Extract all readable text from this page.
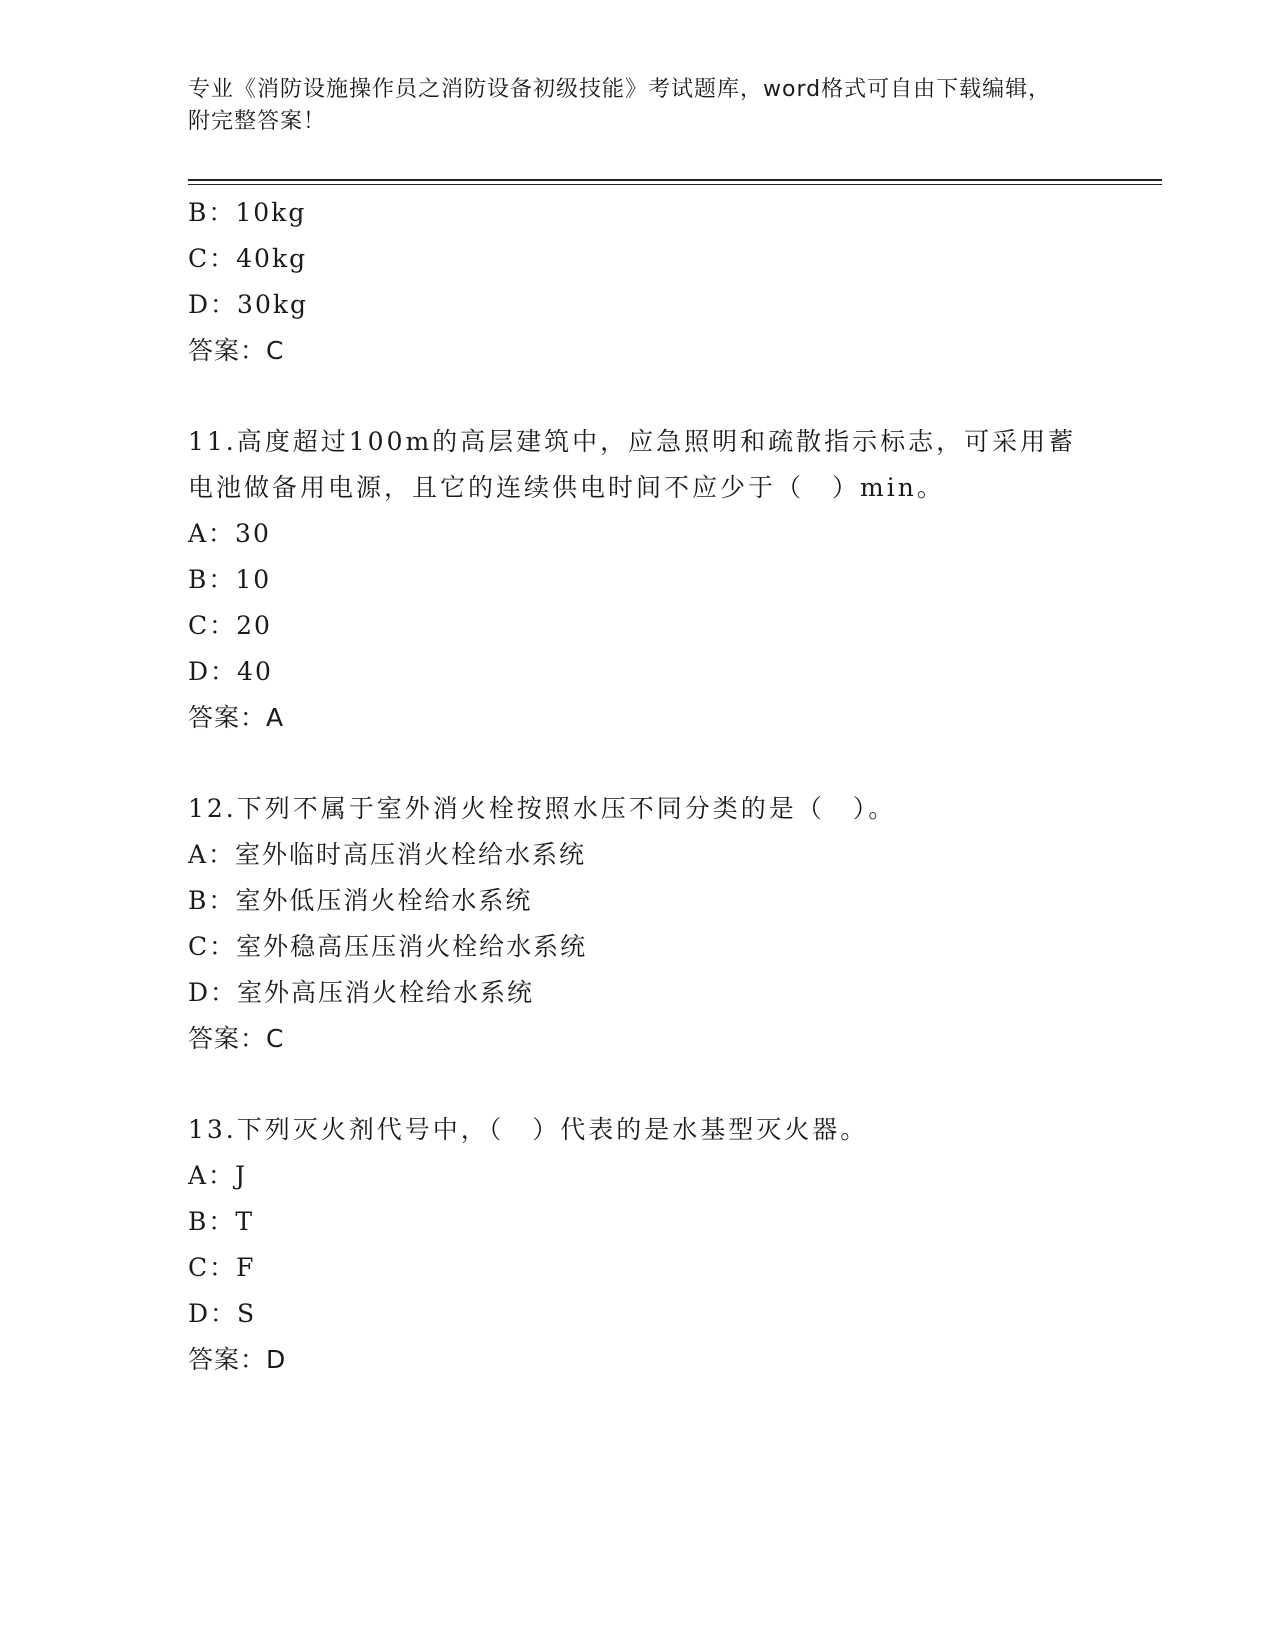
专业《消防设施操作员之消防设备初级技能》考试题库，word格式可自由下载编辑，附完整答案！
B：10kg
C：40kg
D：30kg
答案：C
11.高度超过100m的高层建筑中，应急照明和疏散指示标志，可采用蓄电池做备用电源，且它的连续供电时间不应少于（　）min。
A：30
B：10
C：20
D：40
答案：A
12.下列不属于室外消火栓按照水压不同分类的是（　）。
A：室外临时高压消火栓给水系统
B：室外低压消火栓给水系统
C：室外稳高压压消火栓给水系统
D：室外高压消火栓给水系统
答案：C
13.下列灭火剂代号中，（　）代表的是水基型灭火器。
A：J
B：T
C：F
D：S
答案：D
